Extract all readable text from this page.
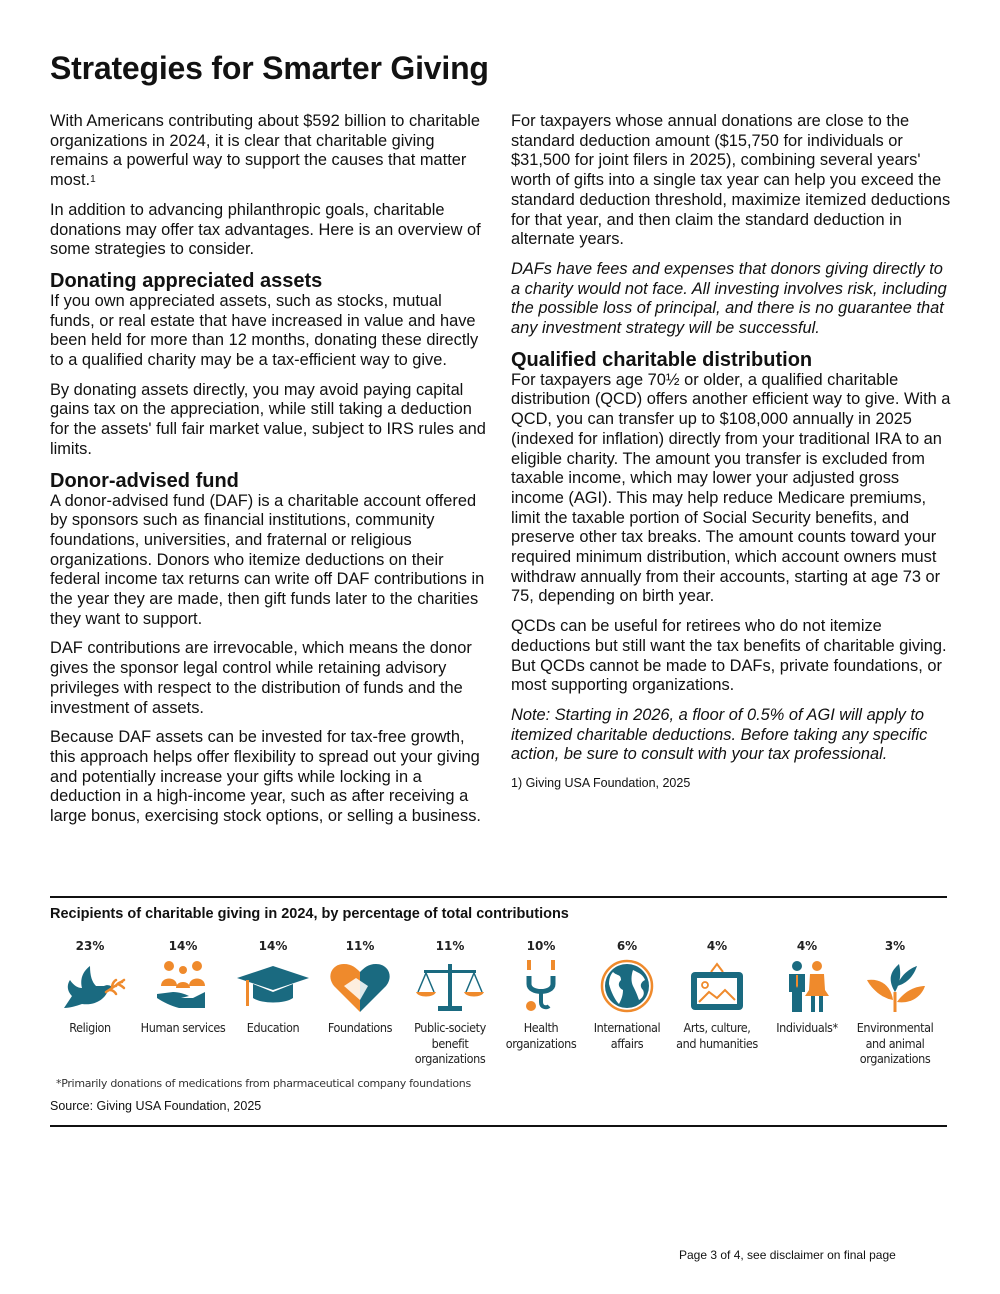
Strategies for Smarter Giving

With Americans contributing about $592 billion to charitable organizations in 2024, it is clear that charitable giving remains a powerful way to support the causes that matter most.$^1$

In addition to advancing philanthropic goals, charitable donations may offer tax advantages. Here is an overview of some strategies to consider.

Donating appreciated assets

If you own appreciated assets, such as stocks, mutual funds, or real estate that have increased in value and have been held for more than 12 months, donating these directly to a qualified charity may be a tax-efficient way to give.

By donating assets directly, you may avoid paying capital gains tax on the appreciation, while still taking a deduction for the assets' full fair market value, subject to IRS rules and limits.

Donor-advised fund

A donor-advised fund (DAF) is a charitable account offered by sponsors such as financial institutions, community foundations, universities, and fraternal or religious organizations. Donors who itemize deductions on their federal income tax returns can write off DAF contributions in the year they are made, then gift funds later to the charities they want to support.

DAF contributions are irrevocable, which means the donor gives the sponsor legal control while retaining advisory privileges with respect to the distribution of funds and the investment of assets.

Because DAF assets can be invested for tax-free growth, this approach helps offer flexibility to spread out your giving and potentially increase your gifts while locking in a deduction in a high-income year, such as after receiving a large bonus, exercising stock options, or selling a business.

For taxpayers whose annual donations are close to the standard deduction amount ($15,750 for individuals or $31,500 for joint filers in 2025), combining several years' worth of gifts into a single tax year can help you exceed the standard deduction threshold, maximize itemized deductions for that year, and then claim the standard deduction in alternate years.

DAFs have fees and expenses that donors giving directly to a charity would not face. All investing involves risk, including the possible loss of principal, and there is no guarantee that any investment strategy will be successful.

Qualified charitable distribution

For taxpayers age 70½ or older, a qualified charitable distribution (QCD) offers another efficient way to give. With a QCD, you can transfer up to $108,000 annually in 2025 (indexed for inflation) directly from your traditional IRA to an eligible charity. The amount you transfer is excluded from taxable income, which may lower your adjusted gross income (AGI). This may help reduce Medicare premiums, limit the taxable portion of Social Security benefits, and preserve other tax breaks. The amount counts toward your required minimum distribution, which account owners must withdraw annually from their accounts, starting at age 73 or 75, depending on birth year.

QCDs can be useful for retirees who do not itemize deductions but still want the tax benefits of charitable giving. But QCDs cannot be made to DAFs, private foundations, or most supporting organizations.

Note: Starting in 2026, a floor of 0.5% of AGI will apply to itemized charitable deductions. Before taking any specific action, be sure to consult with your tax professional.

1) Giving USA Foundation, 2025

Recipients of charitable giving in 2024, by percentage of total contributions
23%
Religion
14%
Human services
14%
Education
11%
Foundations
11%
Public-society benefit organizations
10%
Health organizations
6%
International affairs
4%
Arts, culture, and humanities
4%
Individuals*
3%
Environmental and animal organizations
*Primarily donations of medications from pharmaceutical company foundations
Source: Giving USA Foundation, 2025
Page 3 of 4, see disclaimer on final page
